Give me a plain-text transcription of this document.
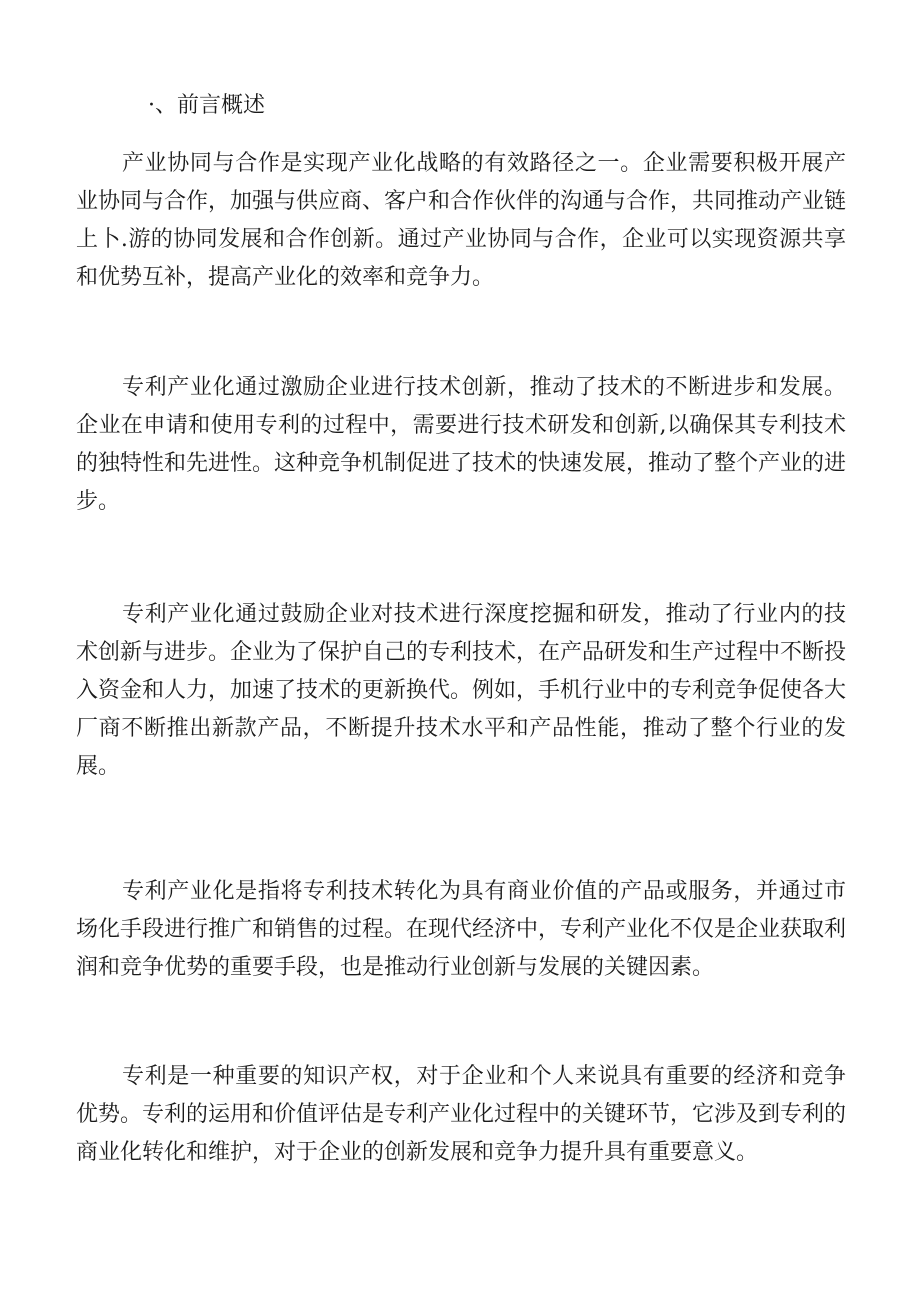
·、前言概述

产业协同与合作是实现产业化战略的有效路径之一。企业需要积极开展产业协同与合作，加强与供应商、客户和合作伙伴的沟通与合作，共同推动产业链上卜.游的协同发展和合作创新。通过产业协同与合作，企业可以实现资源共享和优势互补，提高产业化的效率和竞争力。

专利产业化通过激励企业进行技术创新，推动了技术的不断进步和发展。企业在申请和使用专利的过程中，需要进行技术研发和创新,以确保其专利技术的独特性和先进性。这种竞争机制促进了技术的快速发展，推动了整个产业的进步。

专利产业化通过鼓励企业对技术进行深度挖掘和研发，推动了行业内的技术创新与进步。企业为了保护自己的专利技术，在产品研发和生产过程中不断投入资金和人力，加速了技术的更新换代。例如，手机行业中的专利竞争促使各大厂商不断推出新款产品，不断提升技术水平和产品性能，推动了整个行业的发展。

专利产业化是指将专利技术转化为具有商业价值的产品或服务，并通过市场化手段进行推广和销售的过程。在现代经济中，专利产业化不仅是企业获取利润和竞争优势的重要手段，也是推动行业创新与发展的关键因素。

专利是一种重要的知识产权，对于企业和个人来说具有重要的经济和竞争优势。专利的运用和价值评估是专利产业化过程中的关键环节，它涉及到专利的商业化转化和维护，对于企业的创新发展和竞争力提升具有重要意义。
